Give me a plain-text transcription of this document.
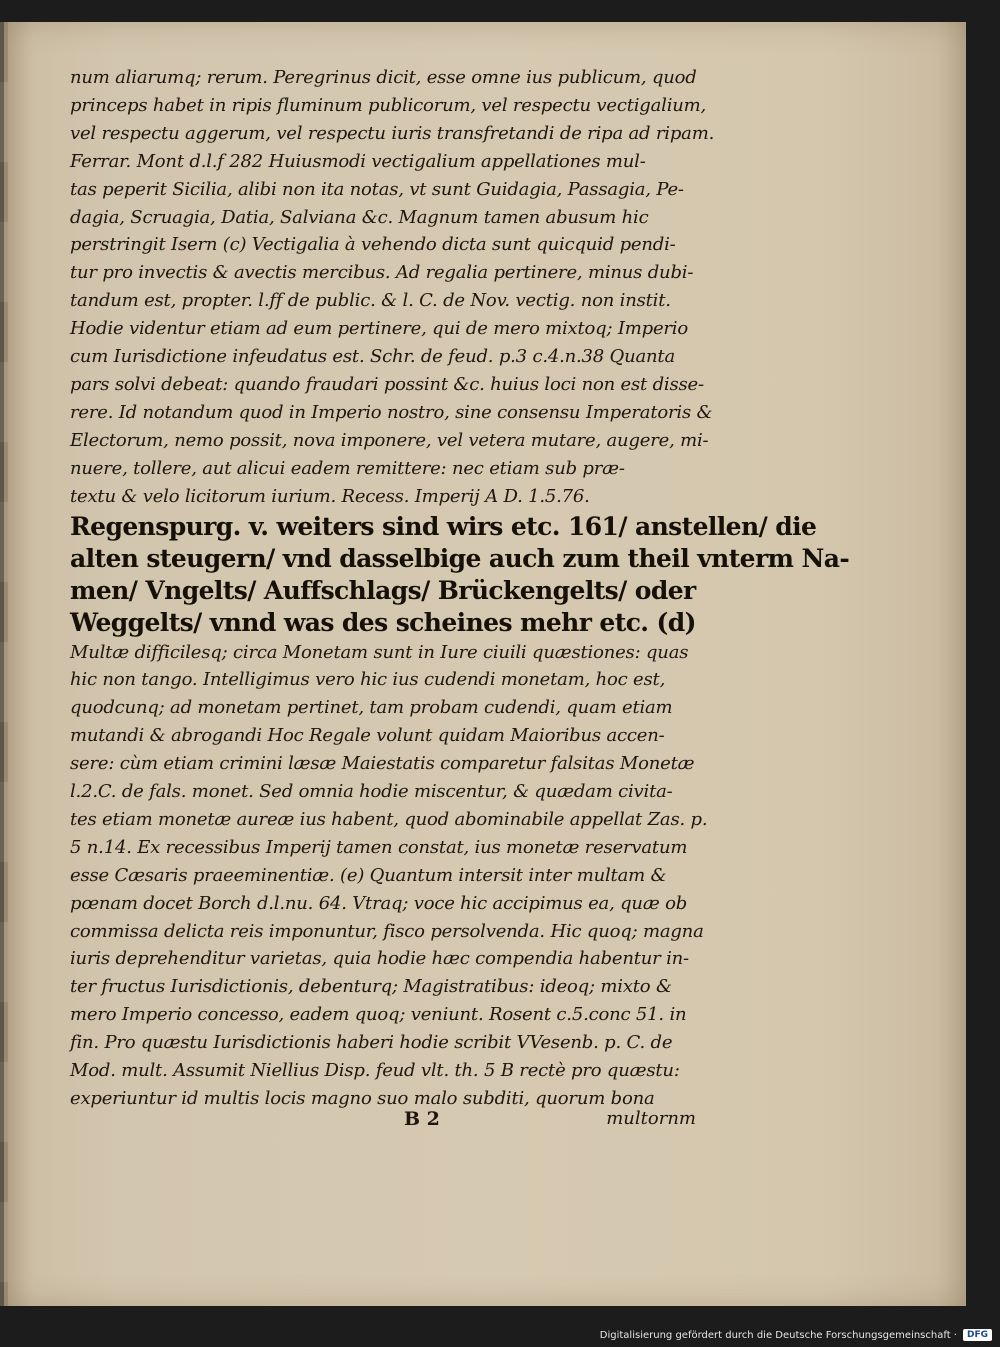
num aliarumq; rerum. Peregrinus dicit, esse omne ius publicum, quod
princeps habet in ripis fluminum publicorum, vel respectu vectigalium,
vel respectu aggerum, vel respectu iuris transfretandi de ripa ad ripam.
Ferrar. Mont d.l.f 282 Huiusmodi vectigalium appellationes mul-
tas peperit Sicilia, alibi non ita notas, vt sunt Guidagia, Passagia, Pe-
dagia, Scruagia, Datia, Salviana &c. Magnum tamen abusum hic
perstringit Isern (c) Vectigalia à vehendo dicta sunt quicquid pendi-
tur pro invectis & avectis mercibus. Ad regalia pertinere, minus dubi-
tandum est, propter. l.ff de public. & l. C. de Nov. vectig. non instit.
Hodie videntur etiam ad eum pertinere, qui de mero mixtoq; Imperio
cum Iurisdictione infeudatus est. Schr. de feud. p.3 c.4.n.38 Quanta
pars solvi debeat: quando fraudari possint &c. huius loci non est disse-
rere. Id notandum quod in Imperio nostro, sine consensu Imperatoris &
Electorum, nemo possit, nova imponere, vel vetera mutare, augere, mi-
nuere, tollere, aut alicui eadem remittere: nec etiam sub præ-
textu & velo licitorum iurium. Recess. Imperij A D. 1.5.76.
Regenspurg. v. weiters sind wirs etc. 161/ anstellen/ die
alten steugern/ vnd dasselbige auch zum theil vnterm Na-
men/ Vngelts/ Auffschlags/ Brückengelts/ oder
Weggelts/ vnnd was des scheines mehr etc. (d)
Multæ difficilesq; circa Monetam sunt in Iure ciuili quæstiones: quas
hic non tango. Intelligimus vero hic ius cudendi monetam, hoc est,
quodcunq; ad monetam pertinet, tam probam cudendi, quam etiam
mutandi & abrogandi Hoc Regale volunt quidam Maioribus accen-
sere: cùm etiam crimini læsæ Maiestatis comparetur falsitas Monetæ
l.2.C. de fals. monet. Sed omnia hodie miscentur, & quædam civita-
tes etiam monetæ aureæ ius habent, quod abominabile appellat Zas. p.
5 n.14. Ex recessibus Imperij tamen constat, ius monetæ reservatum
esse Cæsaris praeeminentiæ. (e) Quantum intersit inter multam &
pœnam docet Borch d.l.nu. 64. Vtraq; voce hic accipimus ea, quæ ob
commissa delicta reis imponuntur, fisco persolvenda. Hic quoq; magna
iuris deprehenditur varietas, quia hodie hæc compendia habentur in-
ter fructus Iurisdictionis, debenturq; Magistratibus: ideoq; mixto &
mero Imperio concesso, eadem quoq; veniunt. Rosent c.5.conc 51. in
fin. Pro quæstu Iurisdictionis haberi hodie scribit VVesenb. p. C. de
Mod. mult. Assumit Niellius Disp. feud vlt. th. 5 B rectè pro quæstu:
experiuntur id multis locis magno suo malo subditi, quorum bona
B 2	multornm
Digitalisierung gefördert durch die Deutsche Forschungsgemeinschaft ·	DFG
